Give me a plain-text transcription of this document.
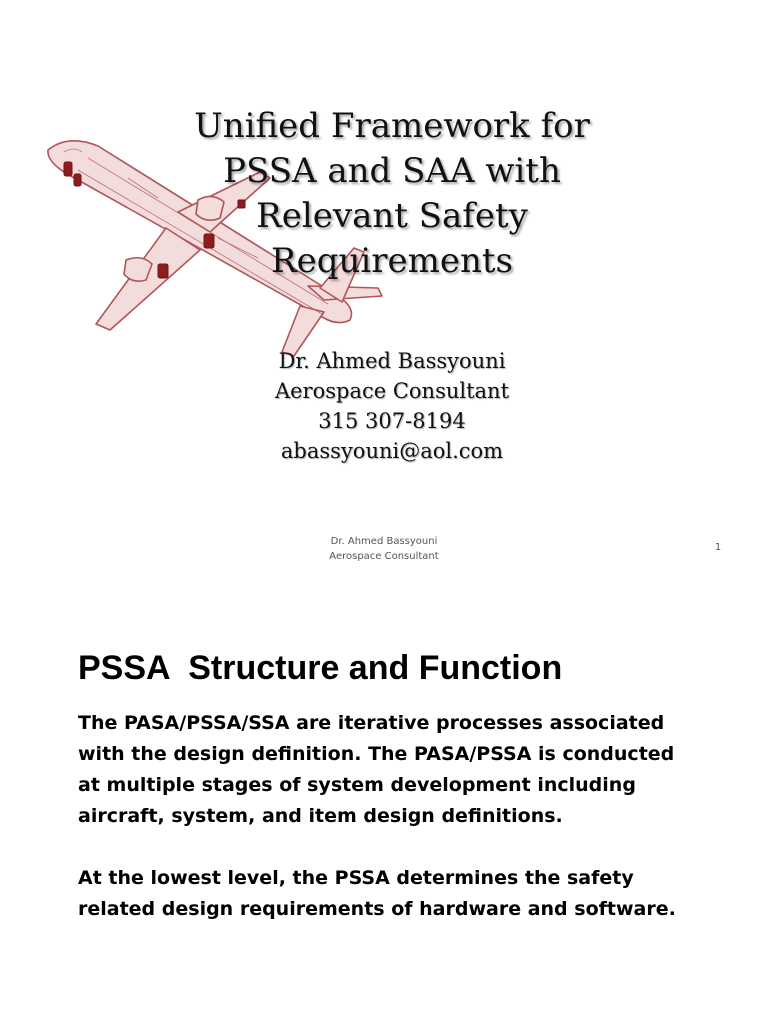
Unified Framework for
PSSA and SAA with
Relevant Safety
Requirements
Dr. Ahmed Bassyouni
Aerospace Consultant
315 307-8194
abassyouni@aol.com
Dr. Ahmed Bassyouni
Aerospace Consultant
1
PSSA  Structure and Function

The PASA/PSSA/SSA are iterative processes associated
with the design definition. The PASA/PSSA is conducted
at multiple stages of system development including
aircraft, system, and item design definitions.

At the lowest level, the PSSA determines the safety
related design requirements of hardware and software.
